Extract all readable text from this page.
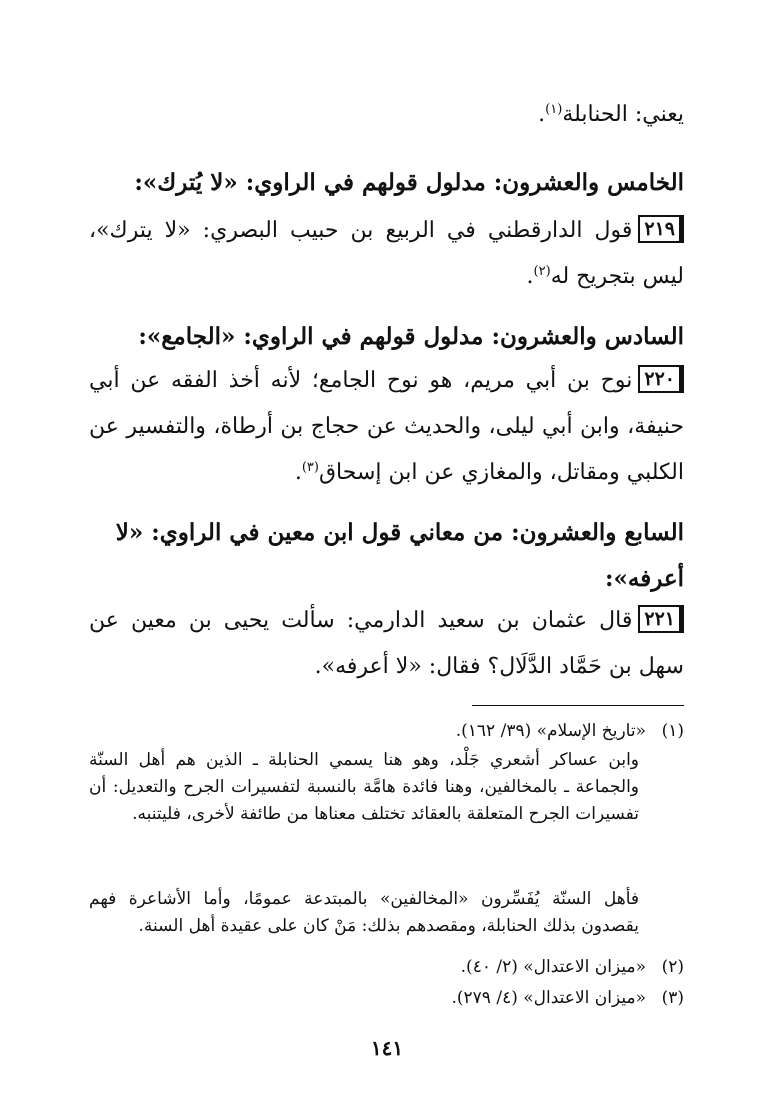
يعني: الحنابلة$^{(١)}$.

الخامس والعشرون: مدلول قولهم في الراوي: «لا يُترك»:

٢١٩قول الدارقطني في الربيع بن حبيب البصري: «لا يترك»، ليس بتجريح له$^{(٢)}$.

السادس والعشرون: مدلول قولهم في الراوي: «الجامع»:

٢٢٠نوح بن أبي مريم، هو نوح الجامع؛ لأنه أخذ الفقه عن أبي حنيفة، وابن أبي ليلى، والحديث عن حجاج بن أرطاة، والتفسير عن الكلبي ومقاتل، والمغازي عن ابن إسحاق$^{(٣)}$.

السابع والعشرون: من معاني قول ابن معين في الراوي: «لا أعرفه»:

٢٢١قال عثمان بن سعيد الدارمي: سألت يحيى بن معين عن سهل بن حَمَّاد الدَّلَال؟ فقال: «لا أعرفه».

(١)«تاريخ الإسلام» (٣٩/ ١٦٢).

وابن عساكر أشعري جَلْد، وهو هنا يسمي الحنابلة ـ الذين هم أهل السنّة والجماعة ـ بالمخالفين، وهنا فائدة هامَّة بالنسبة لتفسيرات الجرح والتعديل: أن تفسيرات الجرح المتعلقة بالعقائد تختلف معناها من طائفة لأخرى، فليتنبه.

فأهل السنّة يُفَسِّرون «المخالفين» بالمبتدعة عمومًا، وأما الأشاعرة فهم يقصدون بذلك الحنابلة، ومقصدهم بذلك: مَنْ كان على عقيدة أهل السنة.

(٢)«ميزان الاعتدال» (٢/ ٤٠).

(٣)«ميزان الاعتدال» (٤/ ٢٧٩).

١٤١
